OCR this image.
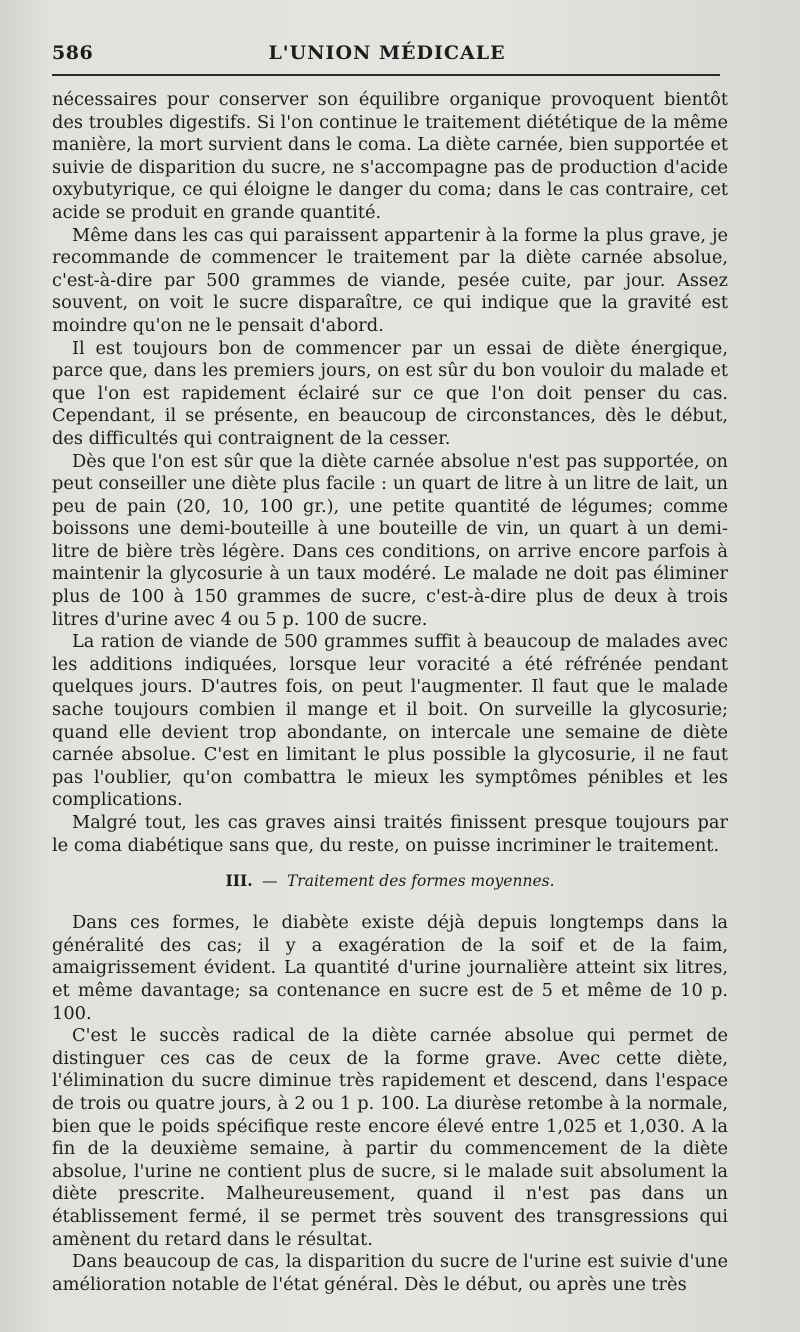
586	L'UNION MÉDICALE

nécessaires pour conserver son équilibre organique provoquent bientôt des troubles digestifs. Si l'on continue le traitement diététique de la même manière, la mort survient dans le coma. La diète carnée, bien supportée et suivie de disparition du sucre, ne s'accompagne pas de production d'acide oxybutyrique, ce qui éloigne le danger du coma; dans le cas contraire, cet acide se produit en grande quantité.

Même dans les cas qui paraissent appartenir à la forme la plus grave, je recommande de commencer le traitement par la diète carnée absolue, c'est-à-dire par 500 grammes de viande, pesée cuite, par jour. Assez souvent, on voit le sucre disparaître, ce qui indique que la gravité est moindre qu'on ne le pensait d'abord.

Il est toujours bon de commencer par un essai de diète énergique, parce que, dans les premiers jours, on est sûr du bon vouloir du malade et que l'on est rapidement éclairé sur ce que l'on doit penser du cas. Cependant, il se présente, en beaucoup de circonstances, dès le début, des difficultés qui contraignent de la cesser.

Dès que l'on est sûr que la diète carnée absolue n'est pas supportée, on peut conseiller une diète plus facile : un quart de litre à un litre de lait, un peu de pain (20, 10, 100 gr.), une petite quantité de légumes; comme boissons une demi-bouteille à une bouteille de vin, un quart à un demi-litre de bière très légère. Dans ces conditions, on arrive encore parfois à maintenir la glycosurie à un taux modéré. Le malade ne doit pas éliminer plus de 100 à 150 grammes de sucre, c'est-à-dire plus de deux à trois litres d'urine avec 4 ou 5 p. 100 de sucre.

La ration de viande de 500 grammes suffit à beaucoup de malades avec les additions indiquées, lorsque leur voracité a été réfrénée pendant quelques jours. D'autres fois, on peut l'augmenter. Il faut que le malade sache toujours combien il mange et il boit. On surveille la glycosurie; quand elle devient trop abondante, on intercale une semaine de diète carnée absolue. C'est en limitant le plus possible la glycosurie, il ne faut pas l'oublier, qu'on combattra le mieux les symptômes pénibles et les complications.

Malgré tout, les cas graves ainsi traités finissent presque toujours par le coma diabétique sans que, du reste, on puisse incriminer le traitement.

III. — Traitement des formes moyennes.

Dans ces formes, le diabète existe déjà depuis longtemps dans la généralité des cas; il y a exagération de la soif et de la faim, amaigrissement évident. La quantité d'urine journalière atteint six litres, et même davantage; sa contenance en sucre est de 5 et même de 10 p. 100.

C'est le succès radical de la diète carnée absolue qui permet de distinguer ces cas de ceux de la forme grave. Avec cette diète, l'élimination du sucre diminue très rapidement et descend, dans l'espace de trois ou quatre jours, à 2 ou 1 p. 100. La diurèse retombe à la normale, bien que le poids spécifique reste encore élevé entre 1,025 et 1,030. A la fin de la deuxième semaine, à partir du commencement de la diète absolue, l'urine ne contient plus de sucre, si le malade suit absolument la diète prescrite. Malheureusement, quand il n'est pas dans un établissement fermé, il se permet très souvent des transgressions qui amènent du retard dans le résultat.

Dans beaucoup de cas, la disparition du sucre de l'urine est suivie d'une amélioration notable de l'état général. Dès le début, ou après une très
